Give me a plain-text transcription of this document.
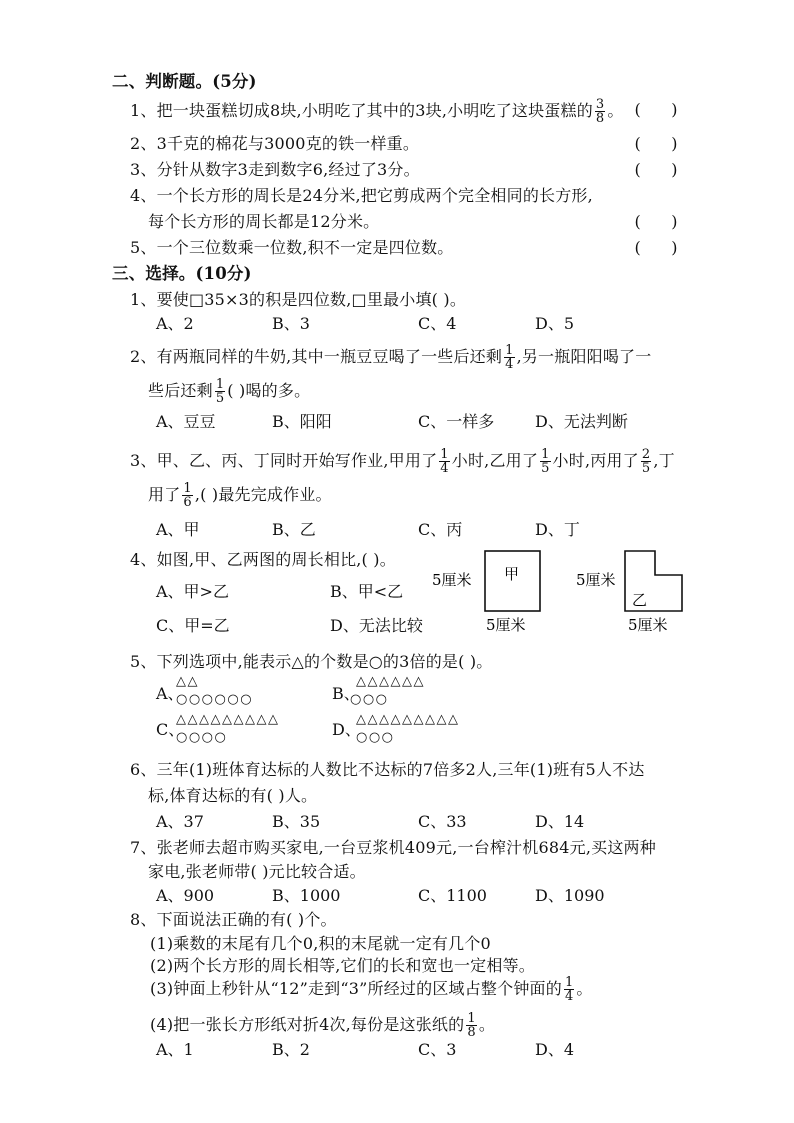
二、判断题。(5分)
1、把一块蛋糕切成8块,小明吃了其中的3块,小明吃了这块蛋糕的 $\frac{3}{8}$ 。 (      )
2、3千克的棉花与3000克的铁一样重。	(      )
3、分针从数字3走到数字6,经过了3分。	(      )
4、一个长方形的周长是24分米,把它剪成两个完全相同的长方形,
每个长方形的周长都是12分米。	(      )
5、一个三位数乘一位数,积不一定是四位数。	(      )
三、选择。(10分)
1、要使□35×3的积是四位数,□里最小填( )。
A、2	B、3	C、4	D、5
2、有两瓶同样的牛奶,其中一瓶豆豆喝了一些后还剩 $\frac{1}{4}$ ,另一瓶阳阳喝了一
些后还剩 $\frac{1}{5}$ ( )喝的多。
A、豆豆	B、阳阳	C、一样多	D、无法判断
3、甲、乙、丙、丁同时开始写作业,甲用了 $\frac{1}{4}$ 小时,乙用了 $\frac{1}{5}$ 小时,丙用了 $\frac{2}{5}$ ,丁
用了 $\frac{1}{6}$ ,( )最先完成作业。
A、甲	B、乙	C、丙	D、丁
4、如图,甲、乙两图的周长相比,( )。
A、甲>乙	B、甲<乙
C、甲=乙	D、无法比较
5厘米 甲
5厘米
5厘米
乙
5厘米
5、下列选项中,能表示△的个数是○的3倍的是( )。
△△
A、
○○○○○○
△△△△△△
B、
○○○
△△△△△△△△△
C、
○○○○
△△△△△△△△△
D、
○○○
6、三年(1)班体育达标的人数比不达标的7倍多2人,三年(1)班有5人不达
标,体育达标的有( )人。
A、37	B、35	C、33	D、14
7、张老师去超市购买家电,一台豆浆机409元,一台榨汁机684元,买这两种
家电,张老师带( )元比较合适。
A、900	B、1000	C、1100	D、1090
8、下面说法正确的有( )个。
(1)乘数的末尾有几个0,积的末尾就一定有几个0
(2)两个长方形的周长相等,它们的长和宽也一定相等。
(3)钟面上秒针从“12”走到“3”所经过的区域占整个钟面的 $\frac{1}{4}$ 。
(4)把一张长方形纸对折4次,每份是这张纸的 $\frac{1}{8}$ 。
A、1	B、2	C、3	D、4
